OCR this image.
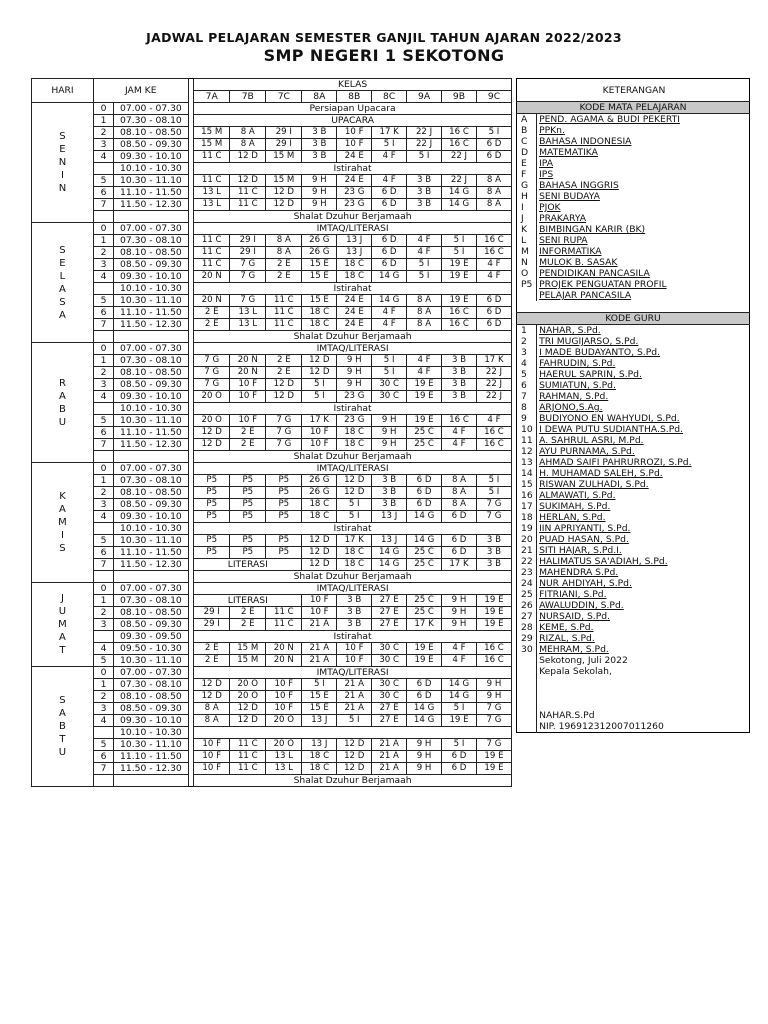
JADWAL PELAJARAN SEMESTER GANJIL TAHUN AJARAN 2022/2023
SMP NEGERI 1 SEKOTONG
HARI	JAM KE			KELAS								
				7A	7B	7C	8A	8B	8C	9A	9B	9C

S E N I N	0	07.00 - 07.30		Persiapan Upacara								
	1	07.30 - 08.10		UPACARA								
	2	08.10 - 08.50		15 M	8 A	29 I	3 B	10 F	17 K	22 J	16 C	5 I
	3	08.50 - 09.30		15 M	8 A	29 I	3 B	10 F	5 I	22 J	16 C	6 D
	4	09.30 - 10.10		11 C	12 D	15 M	3 B	24 E	4 F	5 I	22 J	6 D
		10.10 - 10.30		Istirahat								
	5	10.30 - 11.10		11 C	12 D	15 M	9 H	24 E	4 F	3 B	22 J	8 A
	6	11.10 - 11.50		13 L	11 C	12 D	9 H	23 G	6 D	3 B	14 G	8 A
	7	11.50 - 12.30		13 L	11 C	12 D	9 H	23 G	6 D	3 B	14 G	8 A
				Shalat Dzuhur Berjamaah								

S E L A S A	0	07.00 - 07.30		IMTAQ/LITERASI								
	1	07.30 - 08.10		11 C	29 I	8 A	26 G	13 J	6 D	4 F	5 I	16 C
	2	08.10 - 08.50		11 C	29 I	8 A	26 G	13 J	6 D	4 F	5 I	16 C
	3	08.50 - 09.30		11 C	7 G	2 E	15 E	18 C	6 D	5 I	19 E	4 F
	4	09.30 - 10.10		20 N	7 G	2 E	15 E	18 C	14 G	5 I	19 E	4 F
		10.10 - 10.30		Istirahat								
	5	10.30 - 11.10		20 N	7 G	11 C	15 E	24 E	14 G	8 A	19 E	6 D
	6	11.10 - 11.50		2 E	13 L	11 C	18 C	24 E	4 F	8 A	16 C	6 D
	7	11.50 - 12.30		2 E	13 L	11 C	18 C	24 E	4 F	8 A	16 C	6 D
				Shalat Dzuhur Berjamaah								

R A B U	0	07.00 - 07.30		IMTAQ/LITERASI								
	1	07.30 - 08.10		7 G	20 N	2 E	12 D	9 H	5 I	4 F	3 B	17 K
	2	08.10 - 08.50		7 G	20 N	2 E	12 D	9 H	5 I	4 F	3 B	22 J
	3	08.50 - 09.30		7 G	10 F	12 D	5 I	9 H	30 C	19 E	3 B	22 J
	4	09.30 - 10.10		20 O	10 F	12 D	5 I	23 G	30 C	19 E	3 B	22 J
		10.10 - 10.30		Istirahat								
	5	10.30 - 11.10		20 O	10 F	7 G	17 K	23 G	9 H	19 E	16 C	4 F
	6	11.10 - 11.50		12 D	2 E	7 G	10 F	18 C	9 H	25 C	4 F	16 C
	7	11.50 - 12.30		12 D	2 E	7 G	10 F	18 C	9 H	25 C	4 F	16 C
				Shalat Dzuhur Berjamaah								

K A M I S	0	07.00 - 07.30		IMTAQ/LITERASI								
	1	07.30 - 08.10		P5	P5	P5	26 G	12 D	3 B	6 D	8 A	5 I
	2	08.10 - 08.50		P5	P5	P5	26 G	12 D	3 B	6 D	8 A	5 I
	3	08.50 - 09.30		P5	P5	P5	18 C	5 I	3 B	6 D	8 A	7 G
	4	09.30 - 10.10		P5	P5	P5	18 C	5 I	13 J	14 G	6 D	7 G
		10.10 - 10.30		Istirahat								
	5	10.30 - 11.10		P5	P5	P5	12 D	17 K	13 J	14 G	6 D	3 B
	6	11.10 - 11.50		P5	P5	P5	12 D	18 C	14 G	25 C	6 D	3 B
	7	11.50 - 12.30		LITERASI			12 D	18 C	14 G	25 C	17 K	3 B
				Shalat Dzuhur Berjamaah								

J U M A T	0	07.00 - 07.30		IMTAQ/LITERASI								
	1	07.30 - 08.10		LITERASI			10 F	3 B	27 E	25 C	9 H	19 E
	2	08.10 - 08.50		29 I	2 E	11 C	10 F	3 B	27 E	25 C	9 H	19 E
	3	08.50 - 09.30		29 I	2 E	11 C	21 A	3 B	27 E	17 K	9 H	19 E
		09.30 - 09.50		Istirahat								
	4	09.50 - 10.30		2 E	15 M	20 N	21 A	10 F	30 C	19 E	4 F	16 C
	5	10.30 - 11.10		2 E	15 M	20 N	21 A	10 F	30 C	19 E	4 F	16 C

S A B T U	0	07.00 - 07.30		IMTAQ/LITERASI								
	1	07.30 - 08.10		12 D	20 O	10 F	5 I	21 A	30 C	6 D	14 G	9 H
	2	08.10 - 08.50		12 D	20 O	10 F	15 E	21 A	30 C	6 D	14 G	9 H
	3	08.50 - 09.30		8 A	12 D	10 F	15 E	21 A	27 E	14 G	5 I	7 G
	4	09.30 - 10.10		8 A	12 D	20 O	13 J	5 I	27 E	14 G	19 E	7 G
		10.10 - 10.30										
	5	10.30 - 11.10		10 F	11 C	20 O	13 J	12 D	21 A	9 H	5 I	7 G
	6	11.10 - 11.50		10 F	11 C	13 L	18 C	12 D	21 A	9 H	6 D	19 E
	7	11.50 - 12.30		10 F	11 C	13 L	18 C	12 D	21 A	9 H	6 D	19 E
				Shalat Dzuhur Berjamaah								
KETERANGAN	
KODE MATA PELAJARAN	
A	PEND. AGAMA & BUDI PEKERTI
B	PPKn.
C	BAHASA INDONESIA
D	MATEMATIKA
E	IPA
F	IPS
G	BAHASA INGGRIS
H	SENI BUDAYA
I	PJOK
J	PRAKARYA
K	BIMBINGAN KARIR (BK)
L	SENI RUPA
M	INFORMATIKA
N	MULOK B. SASAK
O	PENDIDIKAN PANCASILA
P5	PROJEK PENGUATAN PROFIL
	PELAJAR PANCASILA

KODE GURU	
1	NAHAR, S.Pd.
2	TRI MUGIJARSO, S.Pd.
3	I MADE BUDAYANTO, S.Pd.
4	FAHRUDIN, S.Pd.
5	HAERUL SAPRIN, S.Pd.
6	SUMIATUN, S.Pd.
7	RAHMAN, S.Pd.
8	ARJONO,S.Ag.
9	BUDIYONO EN WAHYUDI, S.Pd.
10	I DEWA PUTU SUDIANTHA.S.Pd.
11	A. SAHRUL ASRI, M.Pd.
12	AYU PURNAMA, S.Pd.
13	AHMAD SAIFI PAHRURROZI, S.Pd.
14	H. MUHAMAD SALEH, S.Pd.
15	RISWAN ZULHADI, S.Pd.
16	ALMAWATI, S.Pd.
17	SUKIMAH, S.Pd.
18	HERLAN, S.Pd.
19	IIN APRIYANTI, S.Pd.
20	PUAD HASAN, S.Pd.
21	SITI HAJAR, S.Pd.I.
22	HALIMATUS SA'ADIAH, S.Pd.
23	MAHENDRA S.Pd.
24	NUR AHDIYAH, S.Pd.
25	FITRIANI, S.Pd.
26	AWALUDDIN, S.Pd.
27	NURSAID, S.Pd.
28	KEME, S.Pd.
29	RIZAL, S.Pd.
30	MEHRAM, S.Pd.
	Sekotong, Juli 2022
	Kepala Sekolah,

	NAHAR.S.Pd
	NIP. 196912312007011260
